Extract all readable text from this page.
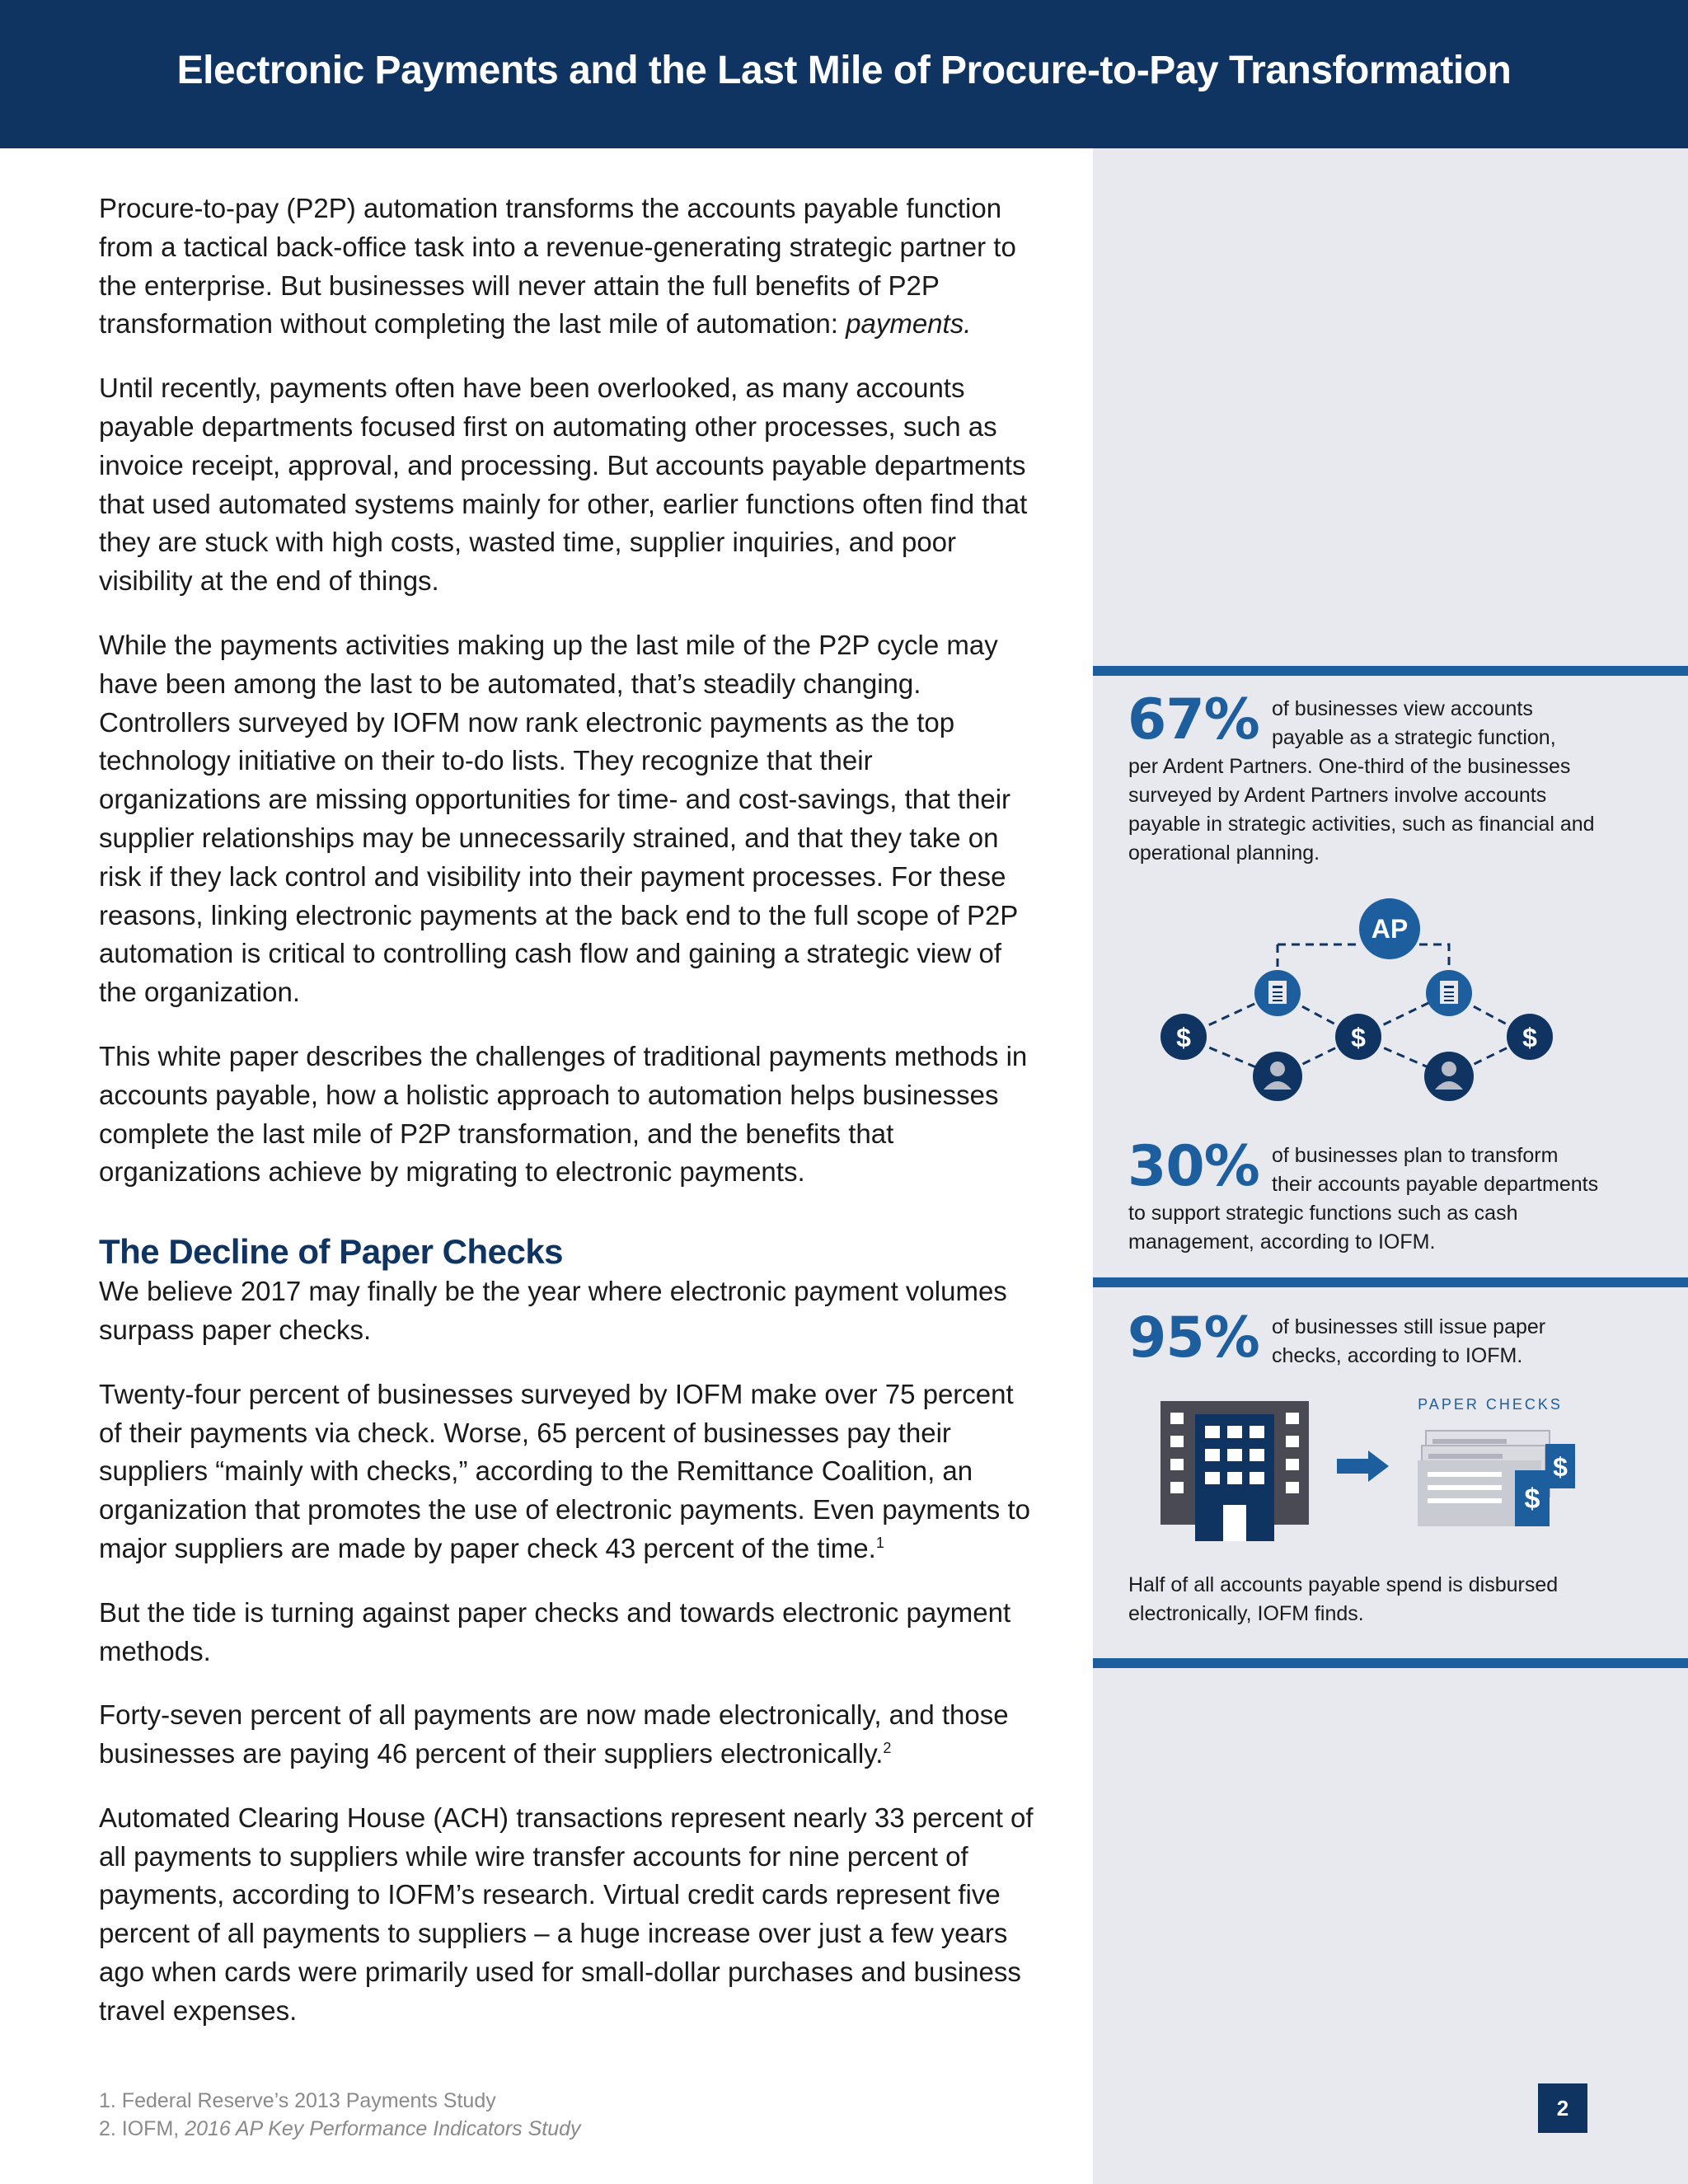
Electronic Payments and the Last Mile of Procure-to-Pay Transformation

Procure-to-pay (P2P) automation transforms the accounts payable function from a tactical back-office task into a revenue-generating strategic partner to the enterprise. But businesses will never attain the full benefits of P2P transformation without completing the last mile of automation: payments.

Until recently, payments often have been overlooked, as many accounts payable departments focused first on automating other processes, such as invoice receipt, approval, and processing. But accounts payable departments that used automated systems mainly for other, earlier functions often find that they are stuck with high costs, wasted time, supplier inquiries, and poor visibility at the end of things.

While the payments activities making up the last mile of the P2P cycle may have been among the last to be automated, that’s steadily changing. Controllers surveyed by IOFM now rank electronic payments as the top technology initiative on their to-do lists. They recognize that their organizations are missing opportunities for time- and cost-savings, that their supplier relationships may be unnecessarily strained, and that they take on risk if they lack control and visibility into their payment processes. For these reasons, linking electronic payments at the back end to the full scope of P2P automation is critical to controlling cash flow and gaining a strategic view of the organization.

This white paper describes the challenges of traditional payments methods in accounts payable, how a holistic approach to automation helps businesses complete the last mile of P2P transformation, and the benefits that organizations achieve by migrating to electronic payments.

The Decline of Paper Checks

We believe 2017 may finally be the year where electronic payment volumes surpass paper checks.

Twenty-four percent of businesses surveyed by IOFM make over 75 percent of their payments via check. Worse, 65 percent of businesses pay their suppliers “mainly with checks,” according to the Remittance Coalition, an organization that promotes the use of electronic payments. Even payments to major suppliers are made by paper check 43 percent of the time.$^1$

But the tide is turning against paper checks and towards electronic payment methods.

Forty-seven percent of all payments are now made electronically, and those businesses are paying 46 percent of their suppliers electronically.$^2$

Automated Clearing House (ACH) transactions represent nearly 33 percent of all payments to suppliers while wire transfer accounts for nine percent of payments, according to IOFM’s research. Virtual credit cards represent five percent of all payments to suppliers – a huge increase over just a few years ago when cards were primarily used for small-dollar purchases and business travel expenses.

1. Federal Reserve’s 2013 Payments Study
2. IOFM, 2016 AP Key Performance Indicators Study
67% of businesses view accounts
payable as a strategic function,
per Ardent Partners. One-third of the businesses
surveyed by Ardent Partners involve accounts
payable in strategic activities, such as financial and
operational planning.
AP
$	$	$
30% of businesses plan to transform
their accounts payable departments
to support strategic functions such as cash
management, according to IOFM.
95% of businesses still issue paper
checks, according to IOFM.
PAPER CHECKS
$
$
Half of all accounts payable spend is disbursed
electronically, IOFM finds.
2
